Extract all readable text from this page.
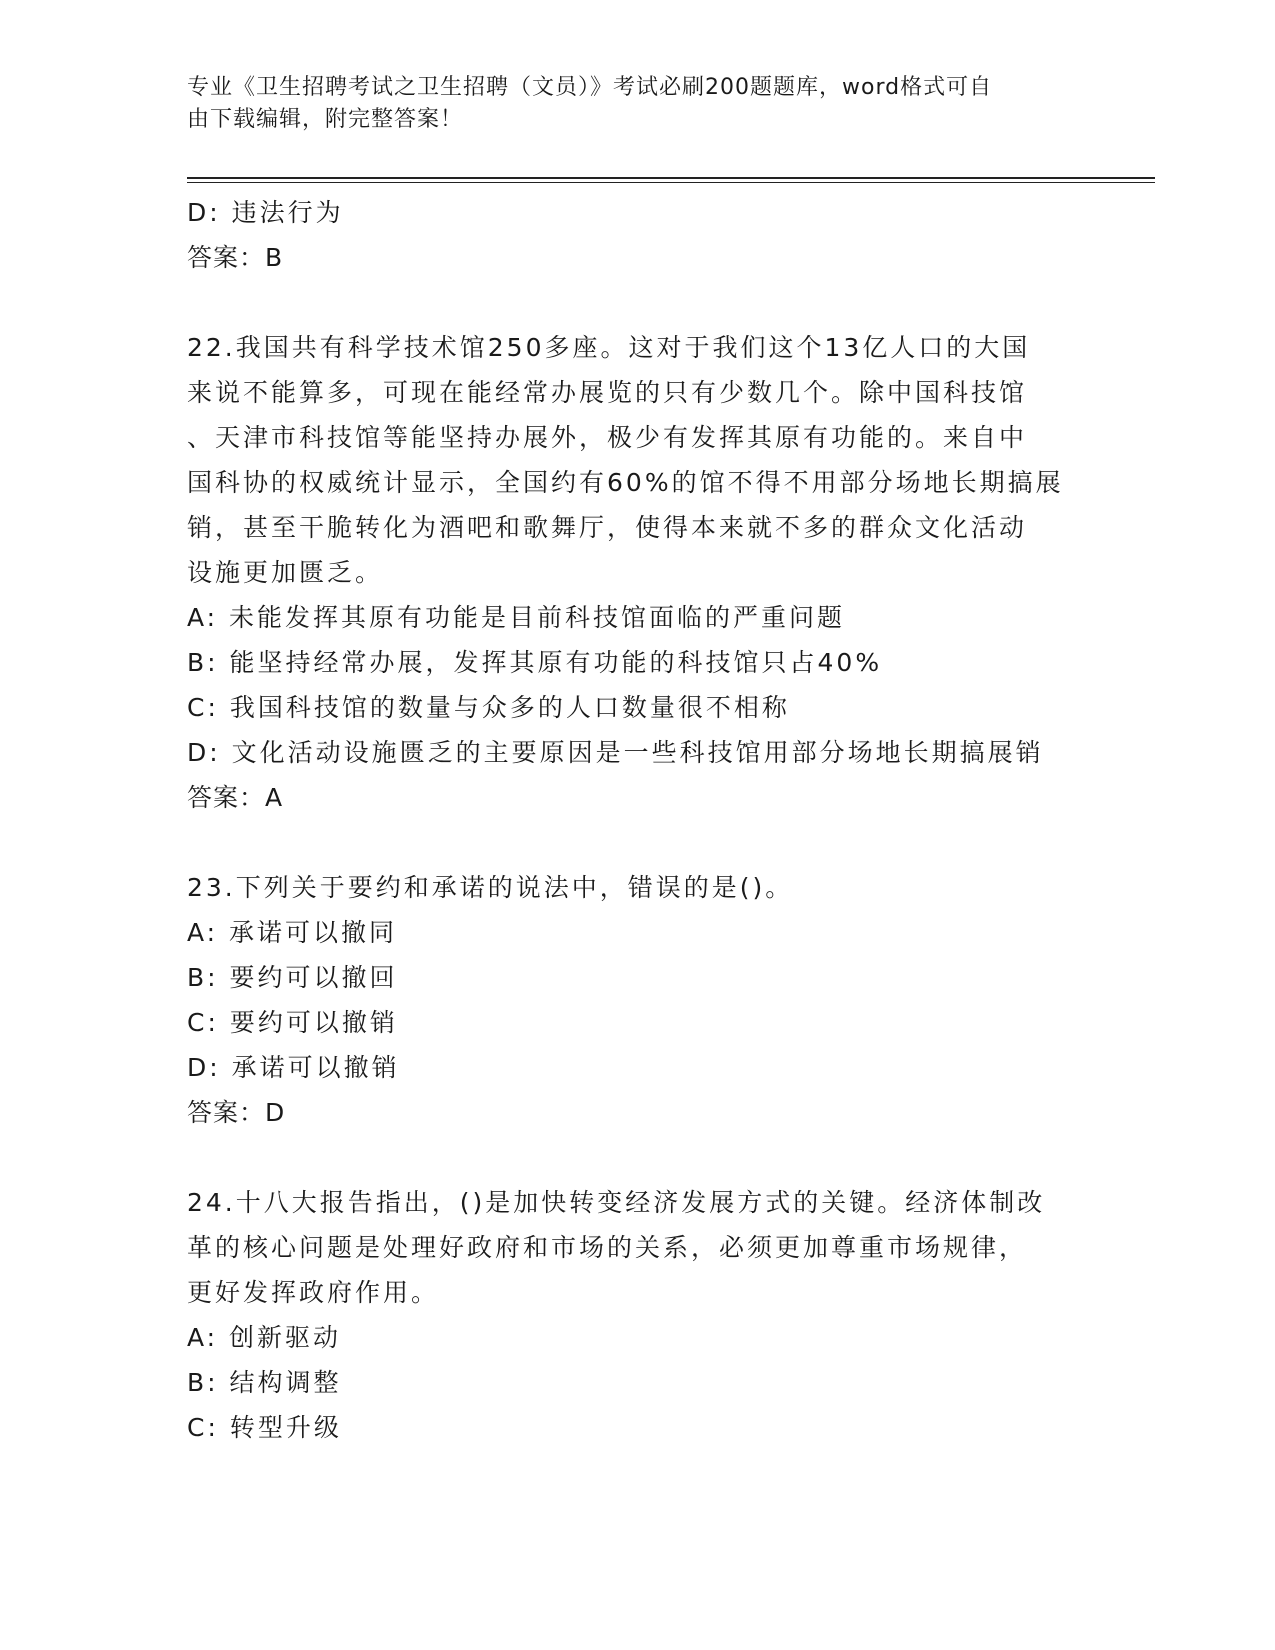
专业《卫生招聘考试之卫生招聘（文员）》考试必刷200题题库，word格式可自
由下载编辑，附完整答案！
D: 违法行为
答案：B
22.我国共有科学技术馆250多座。这对于我们这个13亿人口的大国
来说不能算多，可现在能经常办展览的只有少数几个。除中国科技馆
、天津市科技馆等能坚持办展外，极少有发挥其原有功能的。来自中
国科协的权威统计显示，全国约有60%的馆不得不用部分场地长期搞展
销，甚至干脆转化为酒吧和歌舞厅，使得本来就不多的群众文化活动
设施更加匮乏。
A: 未能发挥其原有功能是目前科技馆面临的严重问题
B: 能坚持经常办展，发挥其原有功能的科技馆只占40%
C: 我国科技馆的数量与众多的人口数量很不相称
D: 文化活动设施匮乏的主要原因是一些科技馆用部分场地长期搞展销
答案：A
23.下列关于要约和承诺的说法中，错误的是()。
A: 承诺可以撤同
B: 要约可以撤回
C: 要约可以撤销
D: 承诺可以撤销
答案：D
24.十八大报告指出，()是加快转变经济发展方式的关键。经济体制改
革的核心问题是处理好政府和市场的关系，必须更加尊重市场规律，
更好发挥政府作用。
A: 创新驱动
B: 结构调整
C: 转型升级
